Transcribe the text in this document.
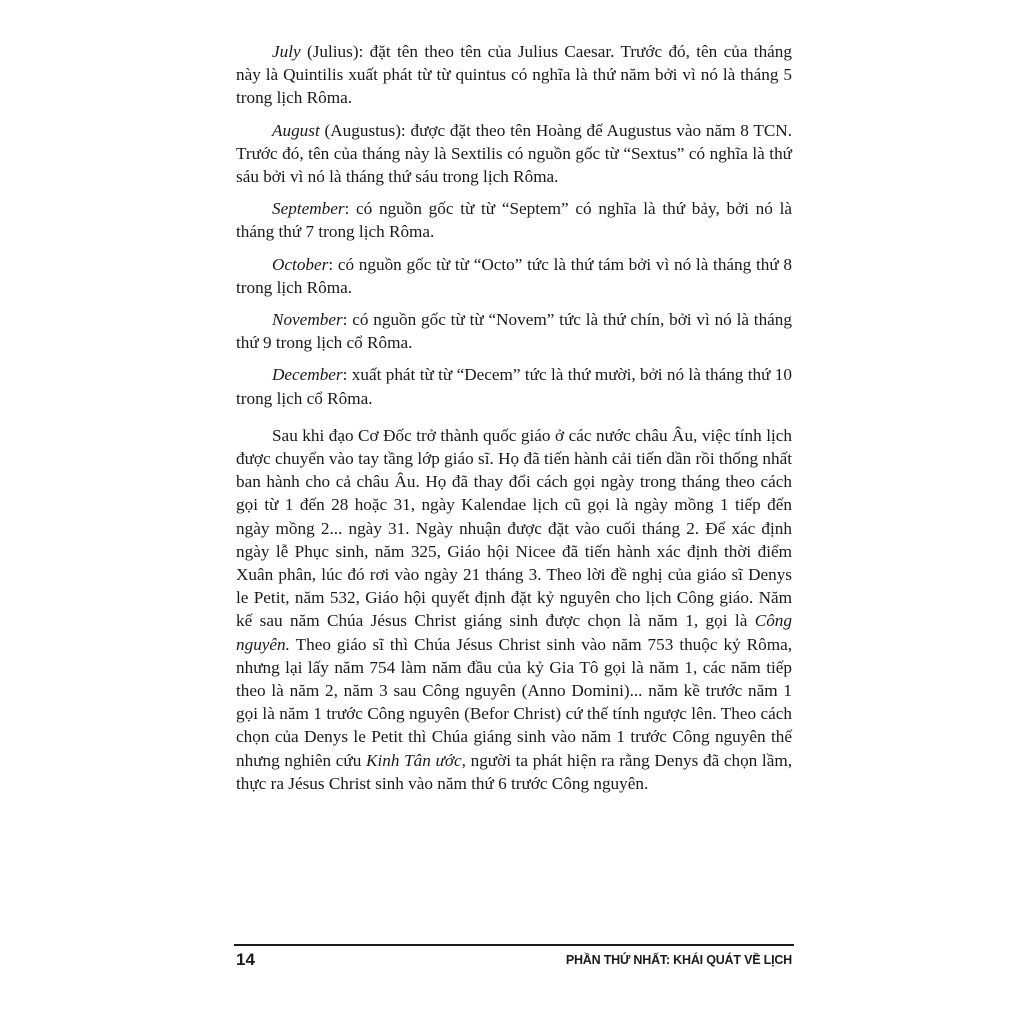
July (Julius): đặt tên theo tên của Julius Caesar. Trước đó, tên của tháng này là Quintilis xuất phát từ từ quintus có nghĩa là thứ năm bởi vì nó là tháng 5 trong lịch Rôma.

August (Augustus): được đặt theo tên Hoàng đế Augustus vào năm 8 TCN. Trước đó, tên của tháng này là Sextilis có nguồn gốc từ “Sextus” có nghĩa là thứ sáu bởi vì nó là tháng thứ sáu trong lịch Rôma.

September: có nguồn gốc từ từ “Septem” có nghĩa là thứ bảy, bởi nó là tháng thứ 7 trong lịch Rôma.

October: có nguồn gốc từ từ “Octo” tức là thứ tám bởi vì nó là tháng thứ 8 trong lịch Rôma.

November: có nguồn gốc từ từ “Novem” tức là thứ chín, bởi vì nó là tháng thứ 9 trong lịch cổ Rôma.

December: xuất phát từ từ “Decem” tức là thứ mười, bởi nó là tháng thứ 10 trong lịch cổ Rôma.

Sau khi đạo Cơ Đốc trở thành quốc giáo ở các nước châu Âu, việc tính lịch được chuyển vào tay tầng lớp giáo sĩ. Họ đã tiến hành cải tiến dần rồi thống nhất ban hành cho cả châu Âu. Họ đã thay đổi cách gọi ngày trong tháng theo cách gọi từ 1 đến 28 hoặc 31, ngày Kalendae lịch cũ gọi là ngày mồng 1 tiếp đến ngày mồng 2... ngày 31. Ngày nhuận được đặt vào cuối tháng 2. Để xác định ngày lễ Phục sinh, năm 325, Giáo hội Nicee đã tiến hành xác định thời điểm Xuân phân, lúc đó rơi vào ngày 21 tháng 3. Theo lời đề nghị của giáo sĩ Denys le Petit, năm 532, Giáo hội quyết định đặt kỷ nguyên cho lịch Công giáo. Năm kế sau năm Chúa Jésus Christ giáng sinh được chọn là năm 1, gọi là Công nguyên. Theo giáo sĩ thì Chúa Jésus Christ sinh vào năm 753 thuộc kỷ Rôma, nhưng lại lấy năm 754 làm năm đầu của kỷ Gia Tô gọi là năm 1, các năm tiếp theo là năm 2, năm 3 sau Công nguyên (Anno Domini)... năm kề trước năm 1 gọi là năm 1 trước Công nguyên (Befor Christ) cứ thế tính ngược lên. Theo cách chọn của Denys le Petit thì Chúa giáng sinh vào năm 1 trước Công nguyên thế nhưng nghiên cứu Kinh Tân ước, người ta phát hiện ra rằng Denys đã chọn lầm, thực ra Jésus Christ sinh vào năm thứ 6 trước Công nguyên.

14	PHẦN THỨ NHẤT: KHÁI QUÁT VỀ LỊCH
